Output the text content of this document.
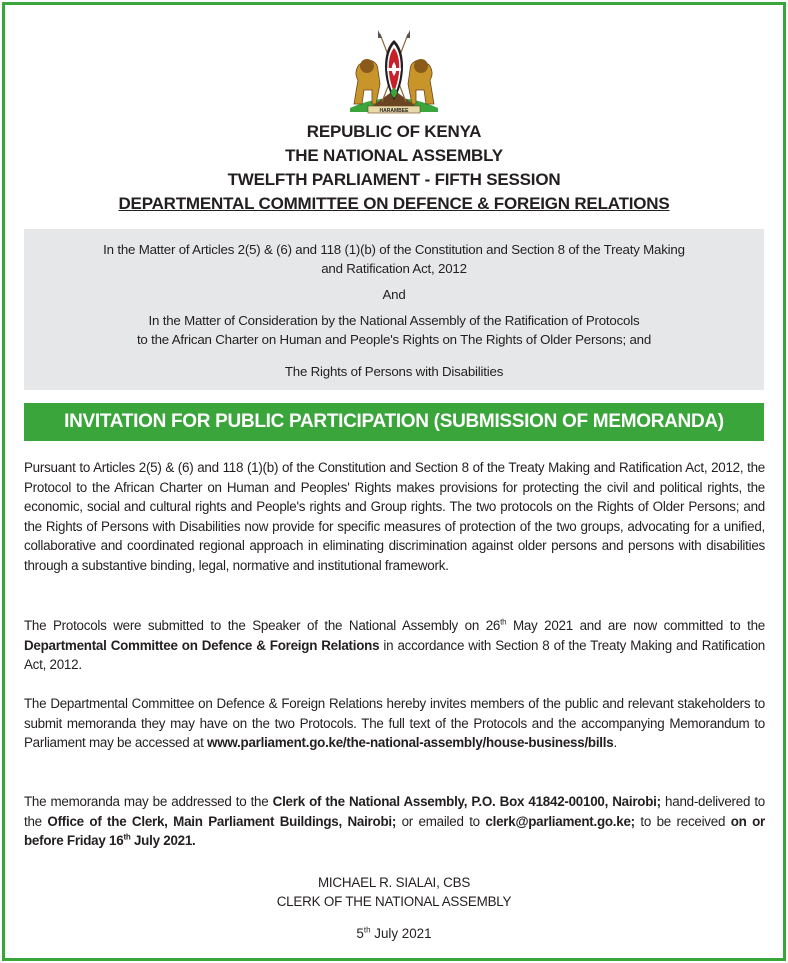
HARAMBEE
REPUBLIC OF KENYA
THE NATIONAL ASSEMBLY
TWELFTH PARLIAMENT - FIFTH SESSION
DEPARTMENTAL COMMITTEE ON DEFENCE & FOREIGN RELATIONS
In the Matter of Articles 2(5) & (6) and 118 (1)(b) of the Constitution and Section 8 of the Treaty Making
and Ratification Act, 2012
And
In the Matter of Consideration by the National Assembly of the Ratification of Protocols
to the African Charter on Human and People's Rights on The Rights of Older Persons; and
The Rights of Persons with Disabilities
INVITATION FOR PUBLIC PARTICIPATION (SUBMISSION OF MEMORANDA)

Pursuant to Articles 2(5) & (6) and 118 (1)(b) of the Constitution and Section 8 of the Treaty Making and Ratification Act, 2012, the Protocol to the African Charter on Human and Peoples' Rights makes provisions for protecting the civil and political rights, the economic, social and cultural rights and People's rights and Group rights. The two protocols on the Rights of Older Persons; and the Rights of Persons with Disabilities now provide for specific measures of protection of the two groups, advocating for a unified, collaborative and coordinated regional approach in eliminating discrimination against older persons and persons with disabilities through a substantive binding, legal, normative and institutional framework.

The Protocols were submitted to the Speaker of the National Assembly on 26th May 2021 and are now committed to the Departmental Committee on Defence & Foreign Relations in accordance with Section 8 of the Treaty Making and Ratification Act, 2012.

The Departmental Committee on Defence & Foreign Relations hereby invites members of the public and relevant stakeholders to submit memoranda they may have on the two Protocols. The full text of the Protocols and the accompanying Memorandum to Parliament may be accessed at www.parliament.go.ke/the-national-assembly/house-business/bills.

The memoranda may be addressed to the Clerk of the National Assembly, P.O. Box 41842-00100, Nairobi; hand-delivered to the Office of the Clerk, Main Parliament Buildings, Nairobi; or emailed to clerk@parliament.go.ke; to be received on or before Friday 16th July 2021.

MICHAEL R. SIALAI, CBS
CLERK OF THE NATIONAL ASSEMBLY
5th July 2021
